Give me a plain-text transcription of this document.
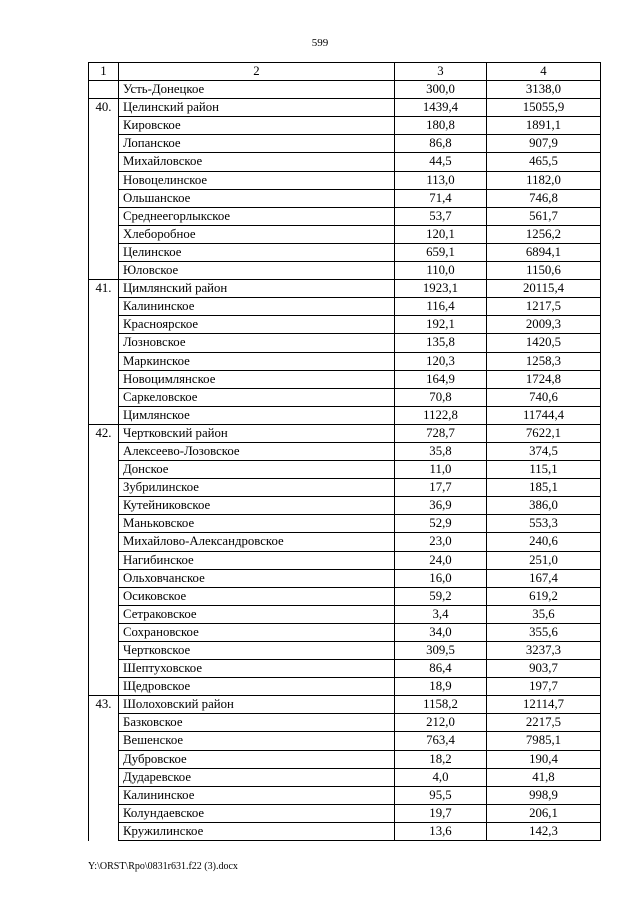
599
1	2	3	4
	Усть-Донецкое	300,0	3138,0
40.	Целинский район	1439,4	15055,9
	Кировское	180,8	1891,1
	Лопанское	86,8	907,9
	Михайловское	44,5	465,5
	Новоцелинское	113,0	1182,0
	Ольшанское	71,4	746,8
	Среднеегорлыкское	53,7	561,7
	Хлеборобное	120,1	1256,2
	Целинское	659,1	6894,1
	Юловское	110,0	1150,6
41.	Цимлянский район	1923,1	20115,4
	Калининское	116,4	1217,5
	Красноярское	192,1	2009,3
	Лозновское	135,8	1420,5
	Маркинское	120,3	1258,3
	Новоцимлянское	164,9	1724,8
	Саркеловское	70,8	740,6
	Цимлянское	1122,8	11744,4
42.	Чертковский район	728,7	7622,1
	Алексеево-Лозовское	35,8	374,5
	Донское	11,0	115,1
	Зубрилинское	17,7	185,1
	Кутейниковское	36,9	386,0
	Маньковское	52,9	553,3
	Михайлово-Александровское	23,0	240,6
	Нагибинское	24,0	251,0
	Ольховчанское	16,0	167,4
	Осиковское	59,2	619,2
	Сетраковское	3,4	35,6
	Сохрановское	34,0	355,6
	Чертковское	309,5	3237,3
	Шептуховское	86,4	903,7
	Щедровское	18,9	197,7
43.	Шолоховский район	1158,2	12114,7
	Базковское	212,0	2217,5
	Вешенское	763,4	7985,1
	Дубровское	18,2	190,4
	Дударевское	4,0	41,8
	Калининское	95,5	998,9
	Колундаевское	19,7	206,1
	Кружилинское	13,6	142,3
Y:\ORST\Rpo\0831r631.f22 (3).docx
